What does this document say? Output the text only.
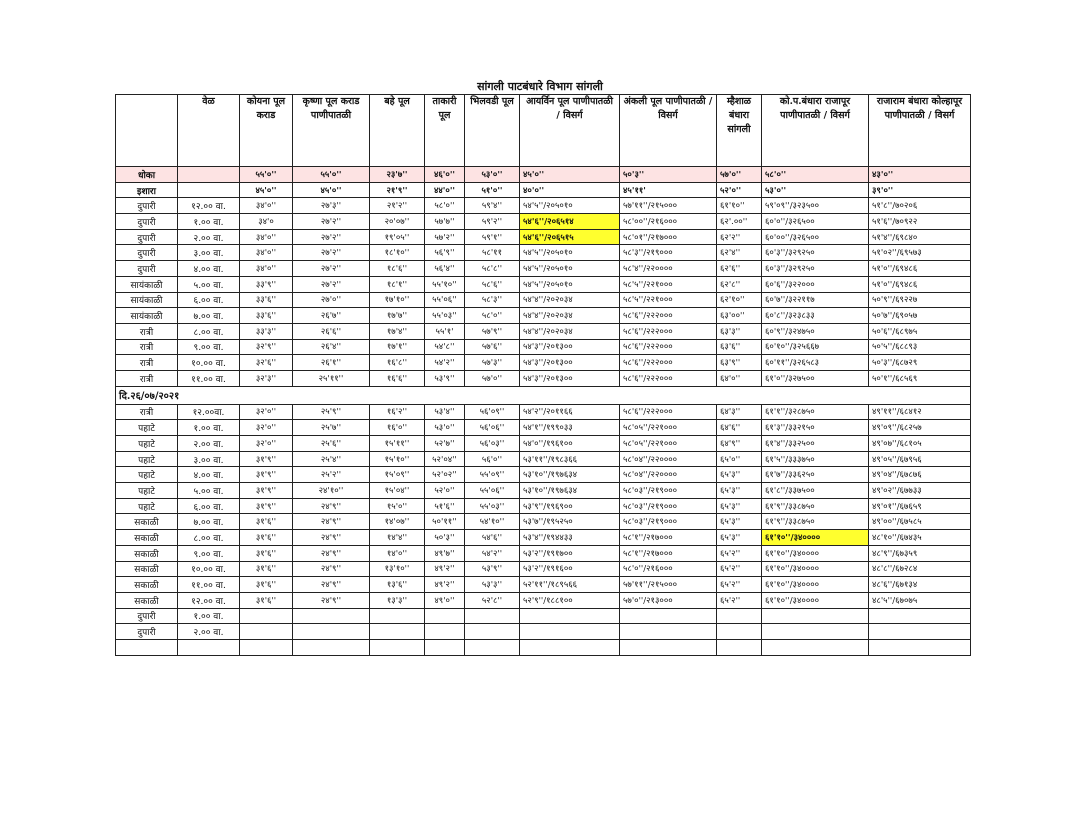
सांगली पाटबंधारे विभाग सांगली
	वेळ	कोयना पूल कराड	कृष्णा पूल कराड पाणीपातळी	बहे पूल	ताकारी पूल	भिलवडी पूल	आयर्विन पूल पाणीपातळी / विसर्ग	अंकली पूल पाणीपातळी / विसर्ग	म्हैशाळ बंधारा सांगली	को.प.बंधारा राजापूर पाणीपातळी / विसर्ग	राजाराम बंधारा कोल्हापूर पाणीपातळी / विसर्ग
धोका		५५'०''	५५'०''	२३'७''	४६'०''	५३'०''	४५'०''	५०'३''	५७'०''	५८'०''	४३'०''
इशारा		४५'०''	४५'०''	२१'९''	४४'०''	५१'०''	४०'०''	४५'११'	५२'०''	५३'०''	३९'०''
दुपारी	१२.०० वा.	३४'०''	२७'३''	२१'२''	५८'०''	५९'४''	५४'५''/२०५०१०	५७'११''/२१५०००	६१'१०''	५९'०९''/३२३५००	५१'८''/७०२०६
दुपारी	१.०० वा.	३४'०	२७'२''	२०'०७''	५७'७''	५९'२''	५४'६''/२०६५१४	५८'००''/२१६०००	६२'.००''	६०'०''/३२६५००	५१'६''/७०९२२
दुपारी	२.०० वा.	३४'०''	२७'२''	१९'०५''	५७'२''	५९'१''	५४'६''/२०६५१५	५८'०१''/२१७०००	६२'२''	६०'००''/३२६५००	५१'४''/६९८४०
दुपारी	३.०० वा.	३४'०''	२७'२''	१८'१०''	५६'९''	५८'११	५४'५''/२०५०१०	५८'३''/२१९०००	६२'४''	६०'३''/३२९२५०	५१'०२''/६९५७३
दुपारी	४.०० वा.	३४'०''	२७'२''	१८'६''	५६'४''	५८'८''	५४'५''/२०५०१०	५८'४''/२२००००	६२'६''	६०'३''/३२९२५०	५१'०''/६९४८६
सायंकाळी	५.०० वा.	३३'९''	२७'२''	१८'१''	५५'१०''	५८'६''	५४'५''/२०५०१०	५८'५''/२२१०००	६२'८''	६०'६''/३२२०००	५१'०''/६९४८६
सायंकाळी	६.०० वा.	३३'६''	२७'०''	१७'१०''	५५'०६''	५८'३''	५४'४''/२०२०३४	५८'५''/२२१०००	६२'१०''	६०'७''/३२२११७	५०'९''/६९२२७
सायंकाळी	७.०० वा.	३३'६''	२६'७''	१७'७''	५५'०३''	५८'०''	५४'४''/२०२०३४	५८'६''/२२२०००	६३'००''	६०'८''/३२३८३३	५०'७''/६९०५७
रात्री	८.०० वा.	३३'३''	२६'६''	१७'४''	५५'१'	५७'९''	५४'४''/२०२०३४	५८'६''/२२२०००	६३'३''	६०'९''/३२४७५०	५०'६''/६८९७५
रात्री	९.०० वा.	३२'९''	२६'४''	१७'१''	५४'८''	५७'६''	५४'३''/२०१३००	५८'६''/२२२०००	६३'६''	६०'१०''/३२५६६७	५०'५''/६८८९३
रात्री	१०.०० वा.	३२'६''	२६'१''	१६'८''	५४'२''	५७'३''	५४'३''/२०१३००	५८'६''/२२२०००	६३'९''	६०'११''/३२६५८३	५०'३''/६८७२९
रात्री	११.०० वा.	३२'३''	२५'११''	१६'६''	५३'९''	५७'०''	५४'३''/२०१३००	५८'६''/२२२०००	६४'०''	६१'०''/३२७५००	५०'१''/६८५६९
दि.२६/०७/२०२१											
रात्री	१२.००वा.	३२'०''	२५'९''	१६'२''	५३'४''	५६'०९''	५४'२''/२०११६६	५८'६''/२२२०००	६४'३''	६१'१''/३२८७५०	४९'११''/६८४१२
पहाटे	१.०० वा.	३२'०''	२५'७''	१६'०''	५३'०''	५६'०६''	५४'१''/१९९०३३	५८'०५''/२२१०००	६४'६''	६१'३''/३३२१५०	४९'०९''/६८२५७
पहाटे	२.०० वा.	३२'०''	२५'६''	१५'११''	५२'७''	५६'०३''	५४'०''/१९६१००	५८'०५''/२२१०००	६४'९''	६१'४''/३३२५००	४९'०७''/६८१०५
पहाटे	३.०० वा.	३१'९''	२५'४''	१५'१०''	५२'०४''	५६'०''	५३'११''/१९८३६६	५८'०४''/२२००००	६५'०''	६१'५''/३३३७५०	४९'०५''/६७९५६
पहाटे	४.०० वा.	३१'९''	२५'२''	१५'०९''	५२'०२''	५५'०९''	५३'१०''/१९७६३४	५८'०४''/२२००००	६५'३''	६१'७''/३३६२५०	४९'०४''/६७८७६
पहाटे	५.०० वा.	३१'९''	२४'१०''	१५'०४''	५२'०''	५५'०६''	५३'१०''/१९७६३४	५८'०३''/२१९०००	६५'३''	६१'८''/३३७५००	४९'०२''/६७७३३
पहाटे	६.०० वा.	३१'९''	२४'९''	१५'०''	५१'६''	५५'०३''	५३'९''/१९६९००	५८'०३''/२१९०००	६५'३''	६१'९''/३३८७५०	४९'०१''/६७६५९
सकाळी	७.०० वा.	३१'६''	२४'९''	१४'०७''	५०'११''	५४'१०''	५३'७''/१९५२५०	५८'०३''/२१९०००	६५'३''	६१'९''/३३८७५०	४९'००''/६७५८५
सकाळी	८.०० वा.	३१'६''	२४'९''	१४'४''	५०'३''	५४'६''	५३'४''/१९४४३३	५८'१''/२१७०००	६५'३''	६१'१०''/३४००००	४८'१०''/६७४३५
सकाळी	९.०० वा.	३१'६''	२४'९''	१४'०''	४९'७''	५४'२''	५३'२''/१९१७००	५८'१''/२१७०००	६५'२''	६१'१०''/३४००००	४८'९''/६७३५९
सकाळी	१०.०० वा.	३१'६''	२४'९''	१३'१०''	४९'२''	५३'९''	५३'२''/१९१६००	५८'०''/२१६०००	६५'२''	६१'१०''/३४००००	४८'८''/६७२८४
सकाळी	११.०० वा.	३१'६''	२४'९''	१३'६''	४९'२''	५३'३''	५२'११''/१८९५६६	५७'११''/२१५०००	६५'२''	६१'१०''/३४००००	४८'६''/६७१३४
सकाळी	१२.०० वा.	३१'६''	२४'९''	१३'३''	४९'०''	५२'८''	५२'९''/१८८१००	५७'०''/२१३०००	६५'२''	६१'१०''/३४००००	४८'५''/६७०७५
दुपारी	१.०० वा.										
दुपारी	२.०० वा.										
